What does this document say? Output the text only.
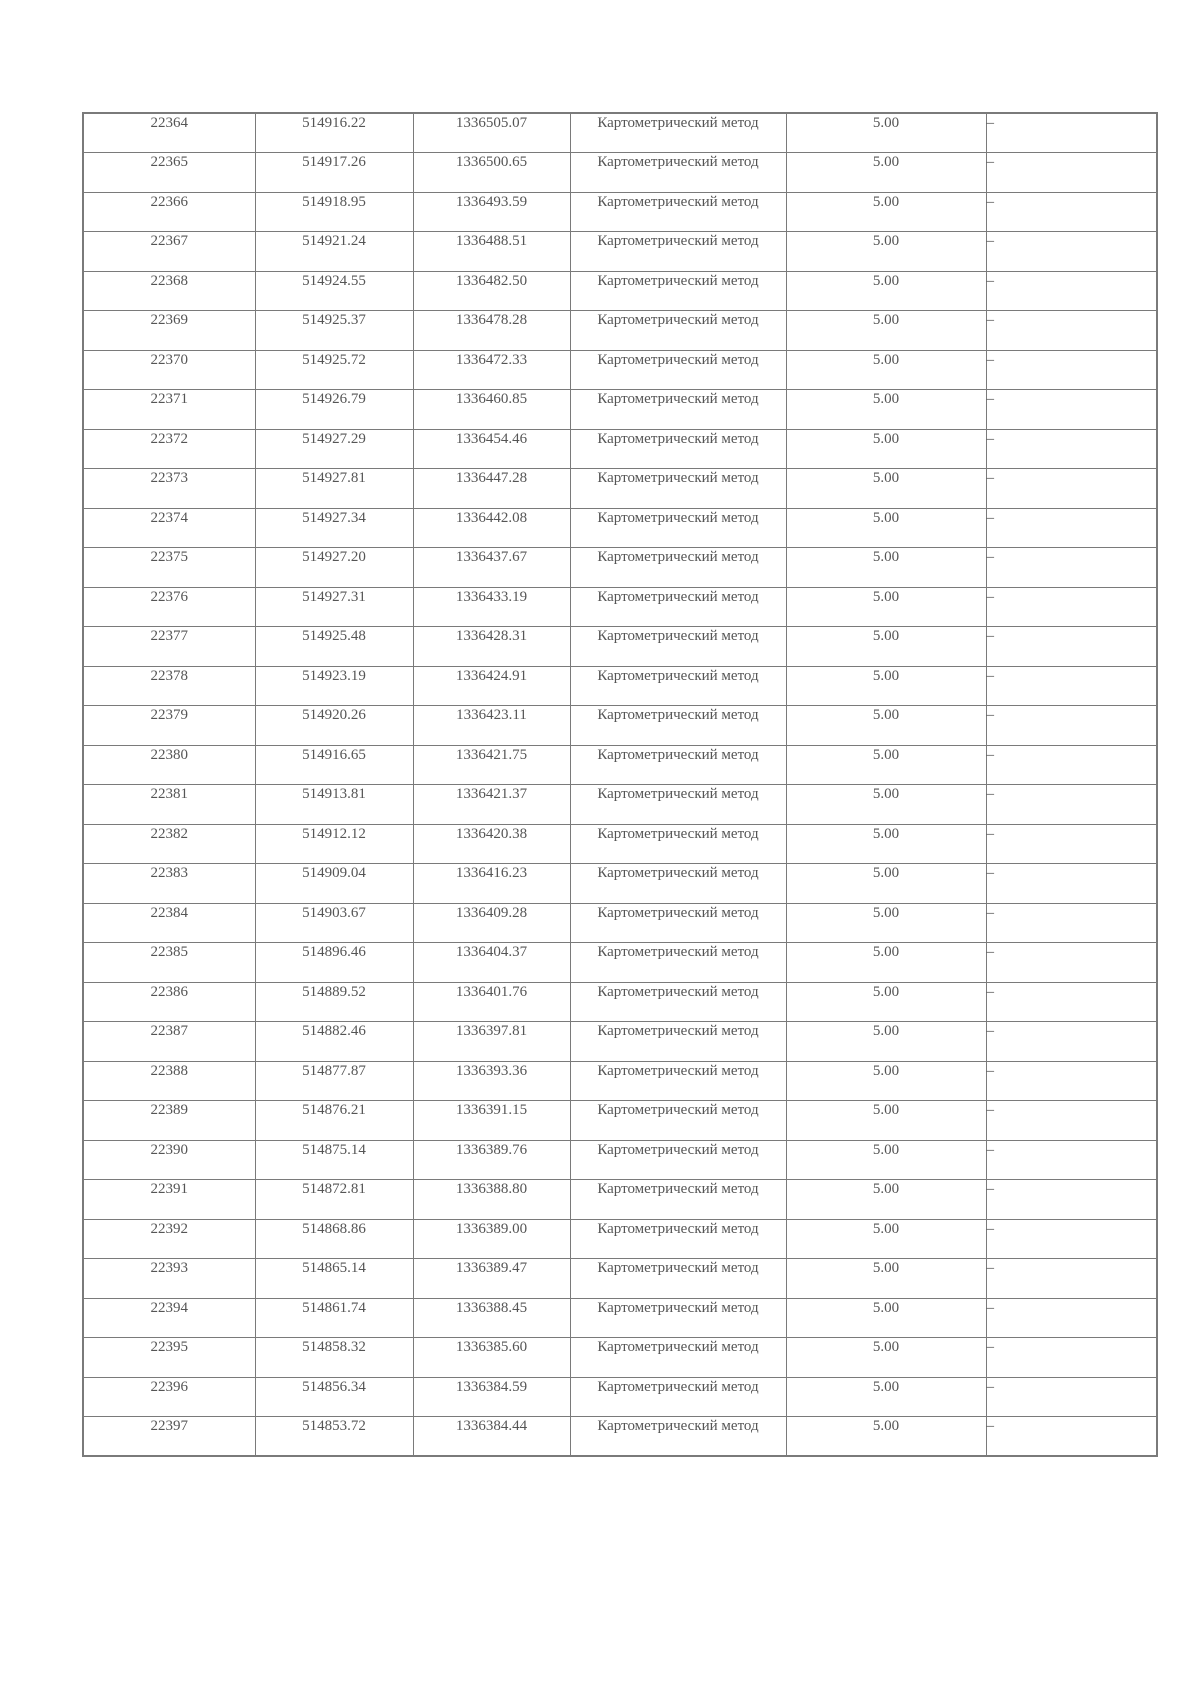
22364	514916.22	1336505.07	Картометрический метод	5.00	–
22365	514917.26	1336500.65	Картометрический метод	5.00	–
22366	514918.95	1336493.59	Картометрический метод	5.00	–
22367	514921.24	1336488.51	Картометрический метод	5.00	–
22368	514924.55	1336482.50	Картометрический метод	5.00	–
22369	514925.37	1336478.28	Картометрический метод	5.00	–
22370	514925.72	1336472.33	Картометрический метод	5.00	–
22371	514926.79	1336460.85	Картометрический метод	5.00	–
22372	514927.29	1336454.46	Картометрический метод	5.00	–
22373	514927.81	1336447.28	Картометрический метод	5.00	–
22374	514927.34	1336442.08	Картометрический метод	5.00	–
22375	514927.20	1336437.67	Картометрический метод	5.00	–
22376	514927.31	1336433.19	Картометрический метод	5.00	–
22377	514925.48	1336428.31	Картометрический метод	5.00	–
22378	514923.19	1336424.91	Картометрический метод	5.00	–
22379	514920.26	1336423.11	Картометрический метод	5.00	–
22380	514916.65	1336421.75	Картометрический метод	5.00	–
22381	514913.81	1336421.37	Картометрический метод	5.00	–
22382	514912.12	1336420.38	Картометрический метод	5.00	–
22383	514909.04	1336416.23	Картометрический метод	5.00	–
22384	514903.67	1336409.28	Картометрический метод	5.00	–
22385	514896.46	1336404.37	Картометрический метод	5.00	–
22386	514889.52	1336401.76	Картометрический метод	5.00	–
22387	514882.46	1336397.81	Картометрический метод	5.00	–
22388	514877.87	1336393.36	Картометрический метод	5.00	–
22389	514876.21	1336391.15	Картометрический метод	5.00	–
22390	514875.14	1336389.76	Картометрический метод	5.00	–
22391	514872.81	1336388.80	Картометрический метод	5.00	–
22392	514868.86	1336389.00	Картометрический метод	5.00	–
22393	514865.14	1336389.47	Картометрический метод	5.00	–
22394	514861.74	1336388.45	Картометрический метод	5.00	–
22395	514858.32	1336385.60	Картометрический метод	5.00	–
22396	514856.34	1336384.59	Картометрический метод	5.00	–
22397	514853.72	1336384.44	Картометрический метод	5.00	–
